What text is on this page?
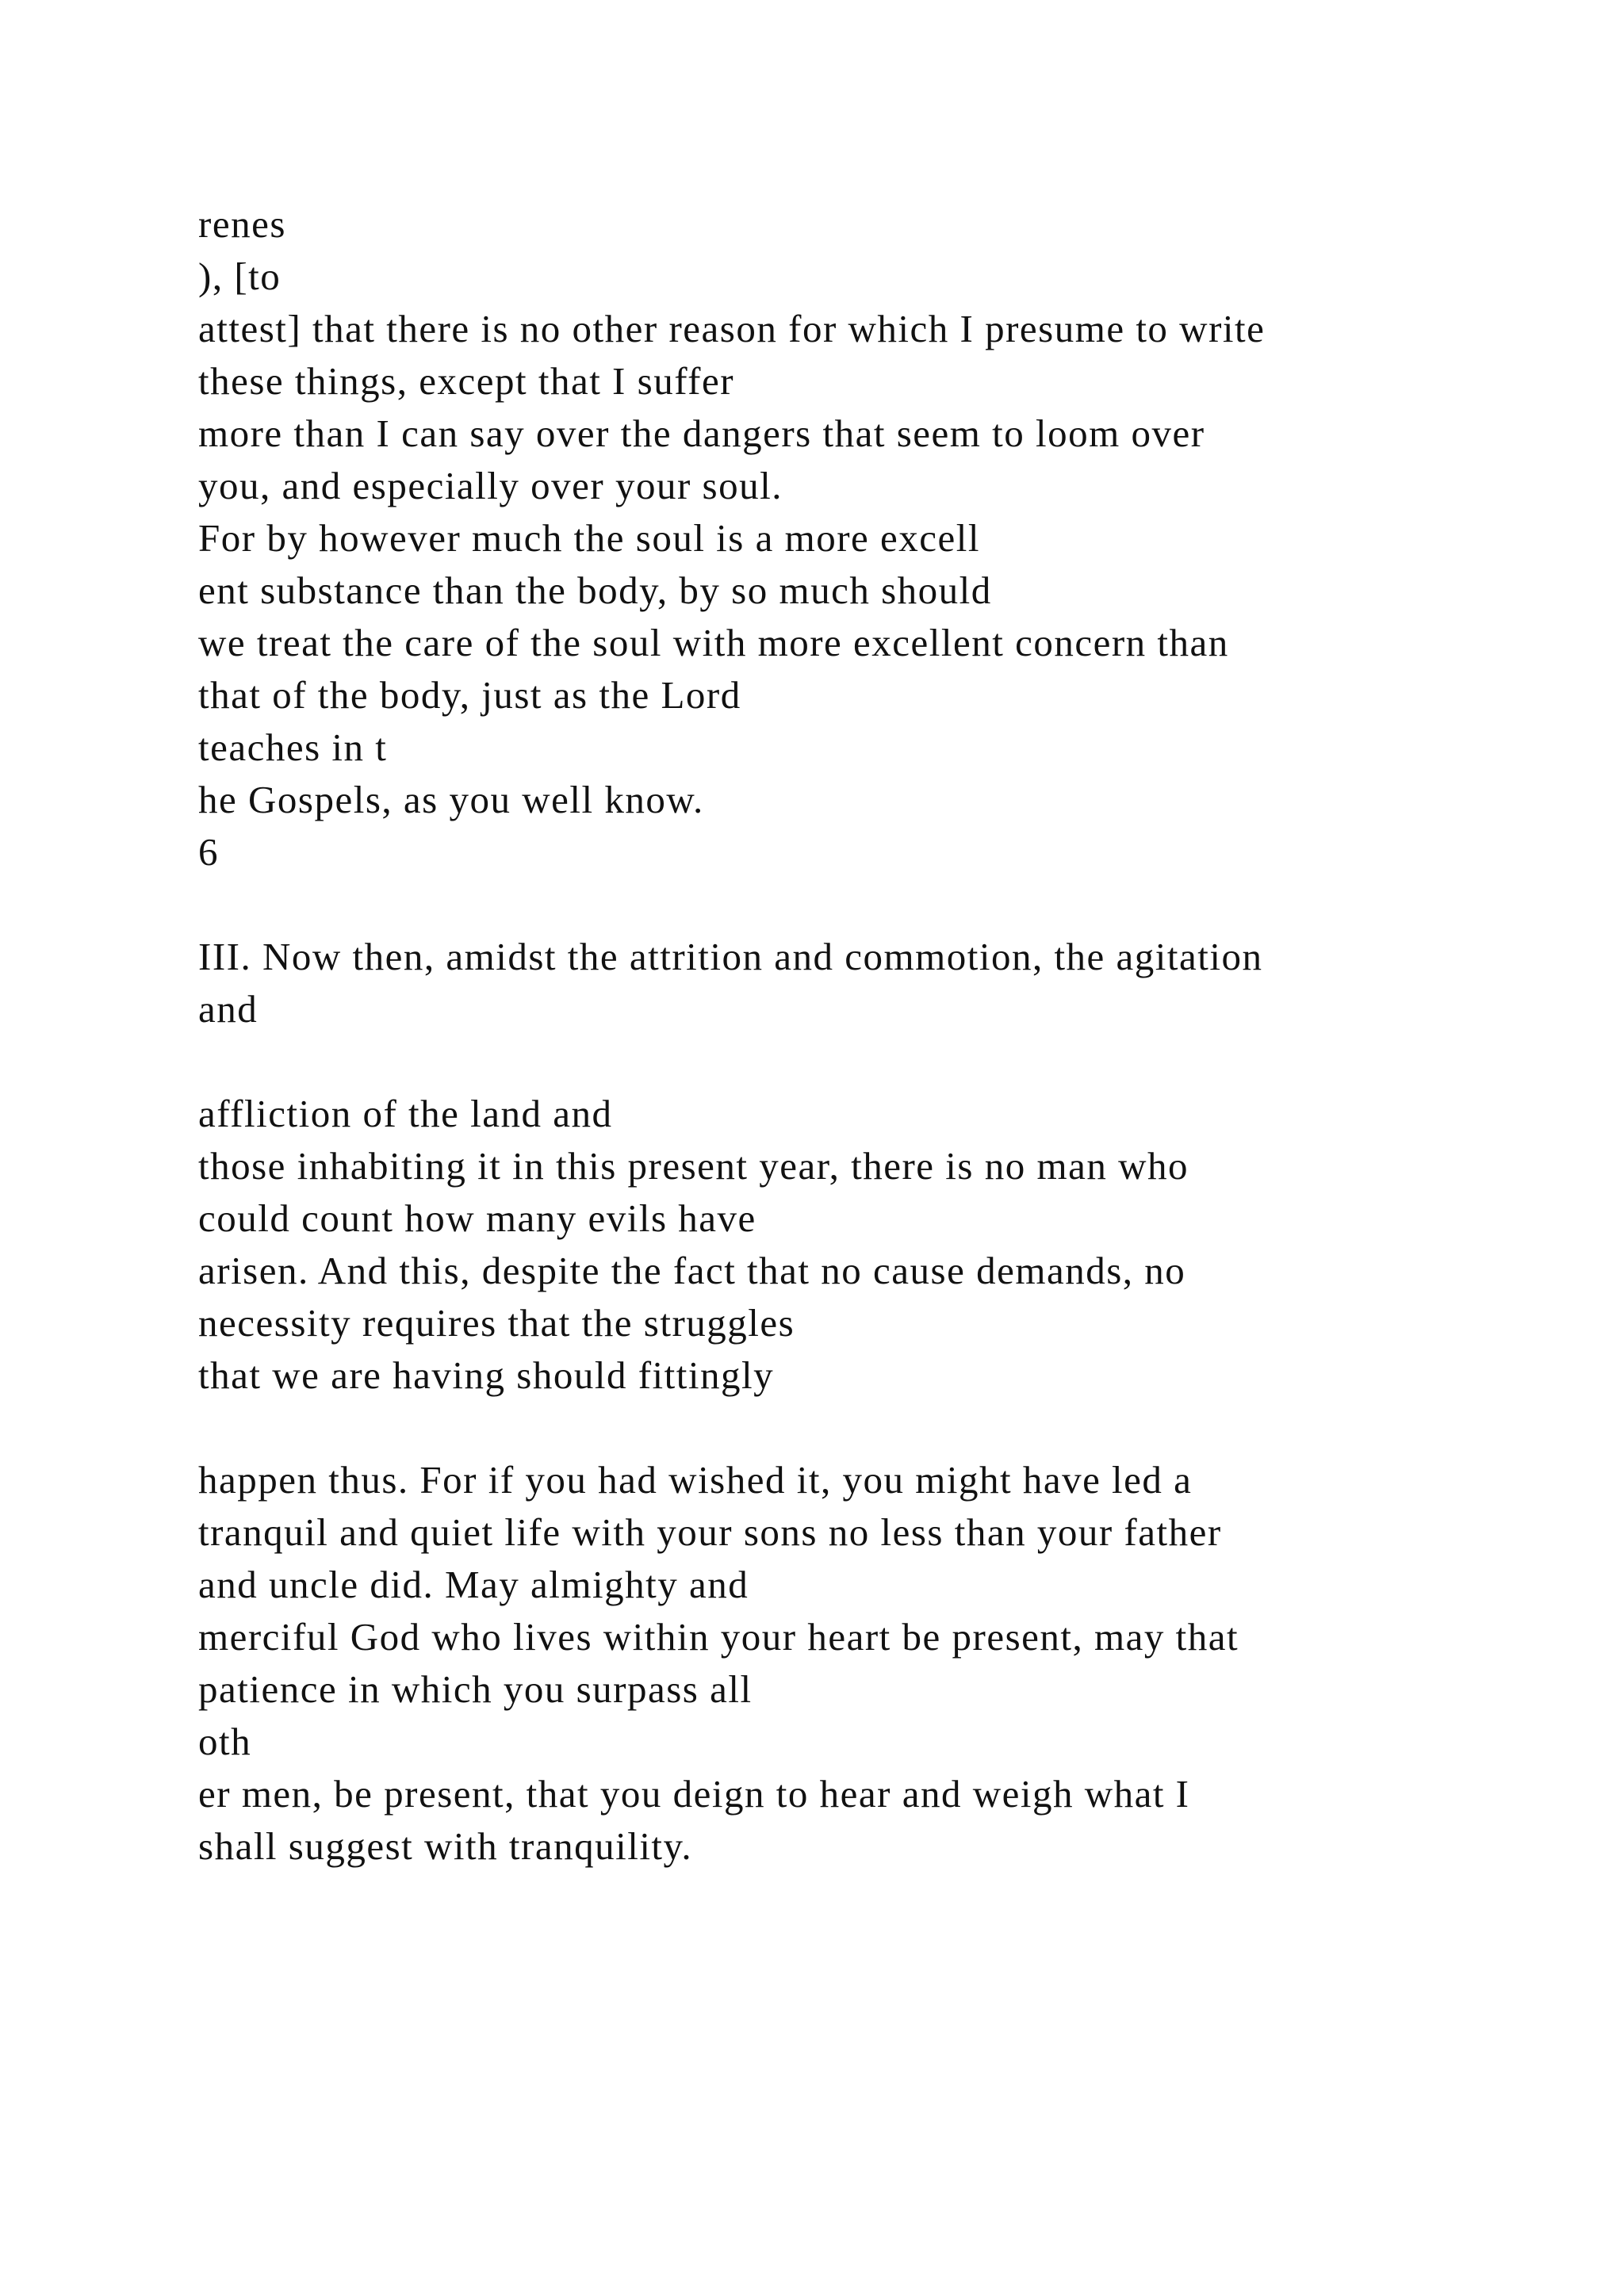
renes
), [to
attest] that there is no other reason for which I presume to write
these things, except that I suffer
more than I can say over the dangers that seem to loom over
you, and especially over your soul.
For by however much the soul is a more excell
ent substance than the body, by so much should
we treat the care of the soul with more excellent concern than
that of the body, just as the Lord
teaches in t
he Gospels, as you well know.
6
III. Now then, amidst the attrition and commotion, the agitation
and
affliction of the land and
those inhabiting it in this present year, there is no man who
could count how many evils have
arisen. And this, despite the fact that no cause demands, no
necessity requires that the struggles
that we are having should fittingly
happen thus. For if you had wished it, you might have led a
tranquil and quiet life with your sons no less than your father
and uncle did. May almighty and
merciful God who lives within your heart be present, may that
patience in which you surpass all
oth
er men, be present, that you deign to hear and weigh what I
shall suggest with tranquility.
